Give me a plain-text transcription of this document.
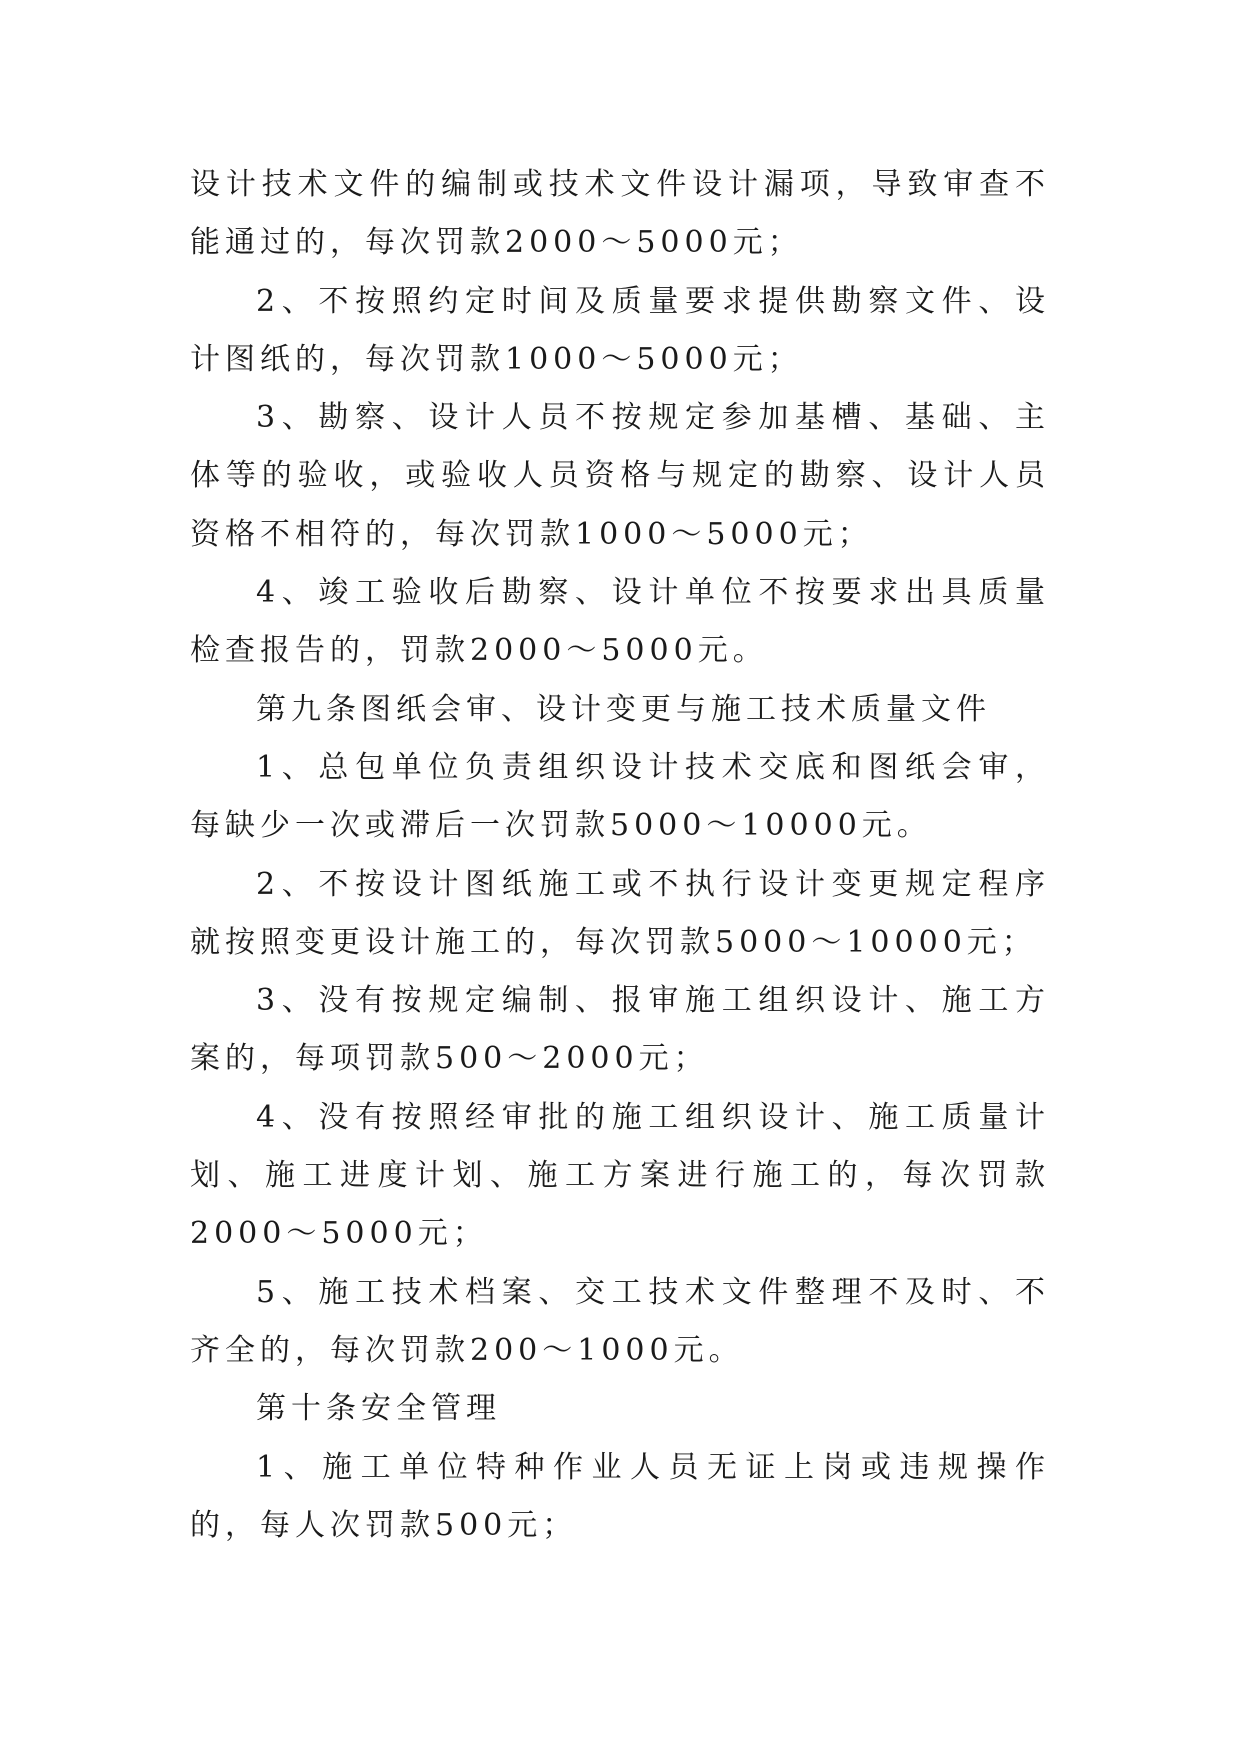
设计技术文件的编制或技术文件设计漏项，导致审查不能通过的，每次罚款2000～5000元；

2、不按照约定时间及质量要求提供勘察文件、设计图纸的，每次罚款1000～5000元；

3、勘察、设计人员不按规定参加基槽、基础、主体等的验收，或验收人员资格与规定的勘察、设计人员资格不相符的，每次罚款1000～5000元；

4、竣工验收后勘察、设计单位不按要求出具质量检查报告的，罚款2000～5000元。

第九条图纸会审、设计变更与施工技术质量文件

1、总包单位负责组织设计技术交底和图纸会审，每缺少一次或滞后一次罚款5000～10000元。

2、不按设计图纸施工或不执行设计变更规定程序就按照变更设计施工的，每次罚款5000～10000元；

3、没有按规定编制、报审施工组织设计、施工方案的，每项罚款500～2000元；

4、没有按照经审批的施工组织设计、施工质量计划、施工进度计划、施工方案进行施工的，每次罚款2000～5000元；

5、施工技术档案、交工技术文件整理不及时、不齐全的，每次罚款200～1000元。

第十条安全管理

1、施工单位特种作业人员无证上岗或违规操作的，每人次罚款500元；
